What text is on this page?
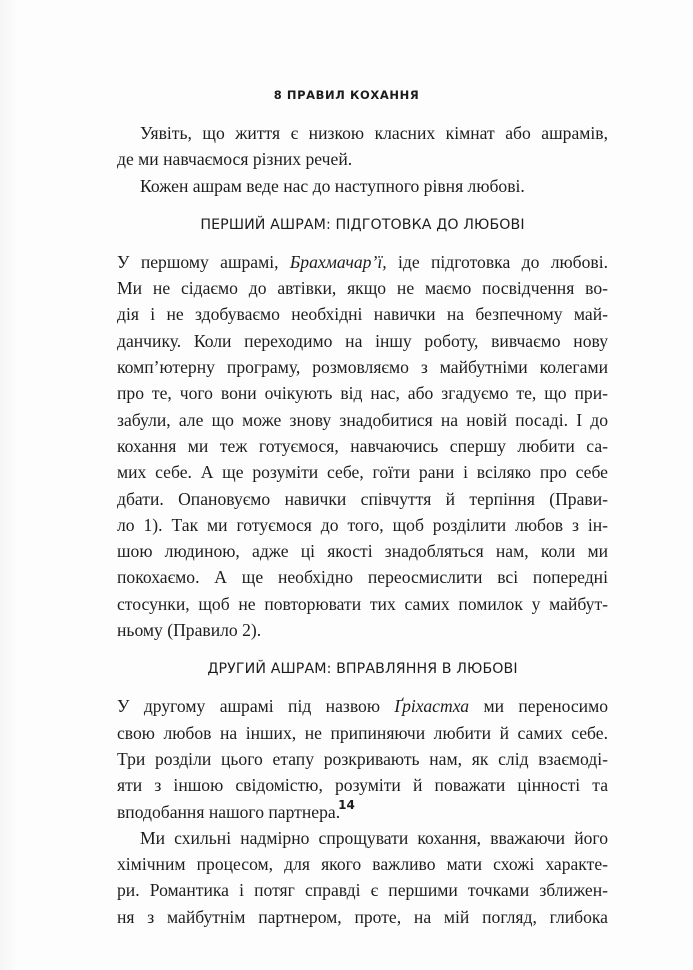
8 ПРАВИЛ КОХАННЯ

Уявіть, що життя є низкою класних кімнат або ашрамів,
де ми навчаємося різних речей.

Кожен ашрам веде нас до наступного рівня любові.

ПЕРШИЙ АШРАМ: ПІДГОТОВКА ДО ЛЮБОВІ

У першому ашрамі, Брахмачар’ї, іде підготовка до любові.
Ми не сідаємо до автівки, якщо не маємо посвідчення во-
дія і не здобуваємо необхідні навички на безпечному май-
данчику. Коли переходимо на іншу роботу, вивчаємо нову
комп’ютерну програму, розмовляємо з майбутніми колегами
про те, чого вони очікують від нас, або згадуємо те, що при-
забули, але що може знову знадобитися на новій посаді. І до
кохання ми теж готуємося, навчаючись спершу любити са-
мих себе. А ще розуміти себе, гоїти рани і всіляко про себе
дбати. Опановуємо навички співчуття й терпіння (Прави-
ло 1). Так ми готуємося до того, щоб розділити любов з ін-
шою людиною, адже ці якості знадобляться нам, коли ми
покохаємо. А ще необхідно переосмислити всі попередні
стосунки, щоб не повторювати тих самих помилок у майбут-
ньому (Правило 2).

ДРУГИЙ АШРАМ: ВПРАВЛЯННЯ В ЛЮБОВІ

У другому ашрамі під назвою Ґріхастха ми переносимо
свою любов на інших, не припиняючи любити й самих себе.
Три розділи цього етапу розкривають нам, як слід взаємоді-
яти з іншою свідомістю, розуміти й поважати цінності та
вподобання нашого партнера.

Ми схильні надмірно спрощувати кохання, вважаючи його
хімічним процесом, для якого важливо мати схожі характе-
ри. Романтика і потяг справді є першими точками зближен-
ня з майбутнім партнером, проте, на мій погляд, глибока

14
